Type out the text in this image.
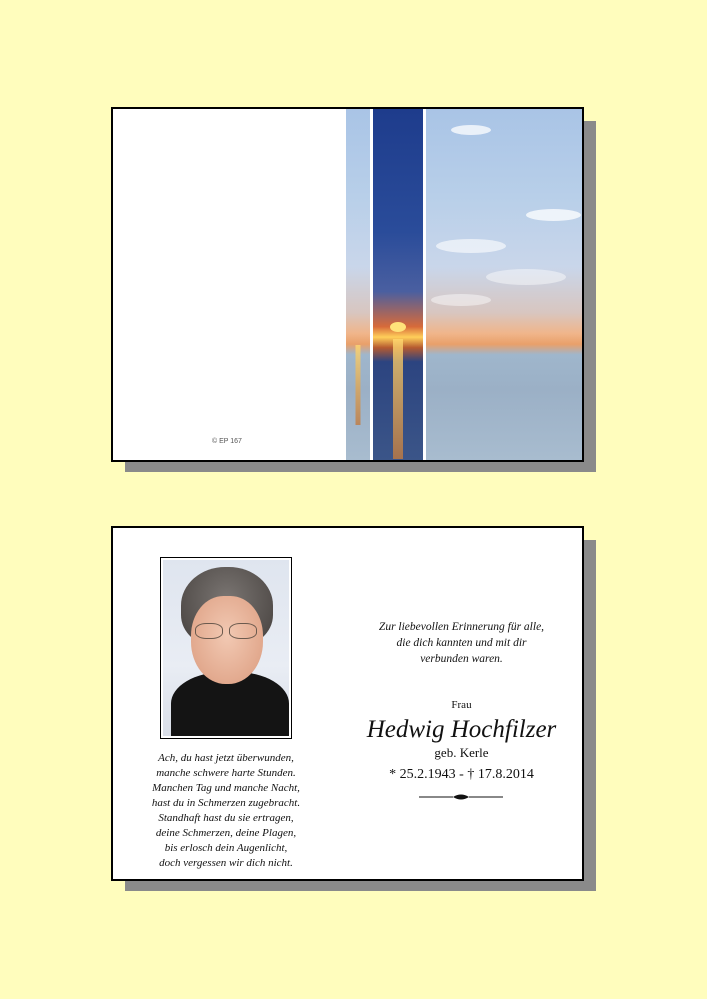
© EP 167
Ach, du hast jetzt überwunden,
manche schwere harte Stunden.
Manchen Tag und manche Nacht,
hast du in Schmerzen zugebracht.
Standhaft hast du sie ertragen,
deine Schmerzen, deine Plagen,
bis erlosch dein Augenlicht,
doch vergessen wir dich nicht.
Zur liebevollen Erinnerung für alle,
die dich kannten und mit dir
verbunden waren.
Frau
Hedwig Hochfilzer
geb. Kerle
* 25.2.1943 - † 17.8.2014
